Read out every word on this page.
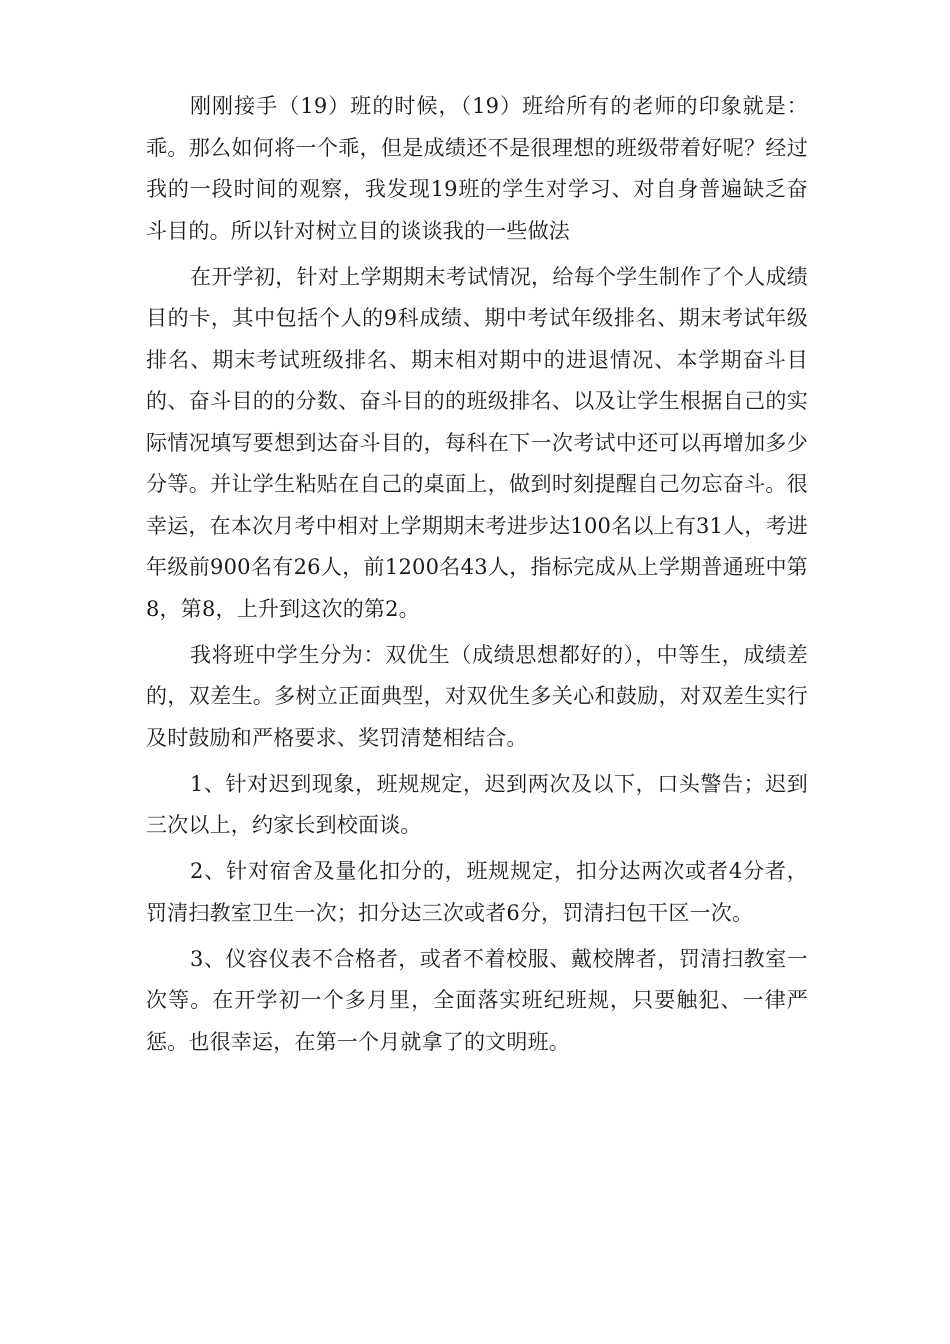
刚刚接手（19）班的时候，（19）班给所有的老师的印象就是：乖。那么如何将一个乖，但是成绩还不是很理想的班级带着好呢？经过我的一段时间的观察，我发现19班的学生对学习、对自身普遍缺乏奋斗目的。所以针对树立目的谈谈我的一些做法

在开学初，针对上学期期末考试情况，给每个学生制作了个人成绩目的卡，其中包括个人的9科成绩、期中考试年级排名、期末考试年级排名、期末考试班级排名、期末相对期中的进退情况、本学期奋斗目的、奋斗目的的分数、奋斗目的的班级排名、以及让学生根据自己的实际情况填写要想到达奋斗目的，每科在下一次考试中还可以再增加多少分等。并让学生粘贴在自己的桌面上，做到时刻提醒自己勿忘奋斗。很幸运，在本次月考中相对上学期期末考进步达100名以上有31人，考进年级前900名有26人，前1200名43人，指标完成从上学期普通班中第8，第8，上升到这次的第2。

我将班中学生分为：双优生（成绩思想都好的），中等生，成绩差的，双差生。多树立正面典型，对双优生多关心和鼓励，对双差生实行及时鼓励和严格要求、奖罚清楚相结合。

1、针对迟到现象，班规规定，迟到两次及以下，口头警告；迟到三次以上，约家长到校面谈。

2、针对宿舍及量化扣分的，班规规定，扣分达两次或者4分者，罚清扫教室卫生一次；扣分达三次或者6分，罚清扫包干区一次。

3、仪容仪表不合格者，或者不着校服、戴校牌者，罚清扫教室一次等。在开学初一个多月里，全面落实班纪班规，只要触犯、一律严惩。也很幸运，在第一个月就拿了的文明班。
